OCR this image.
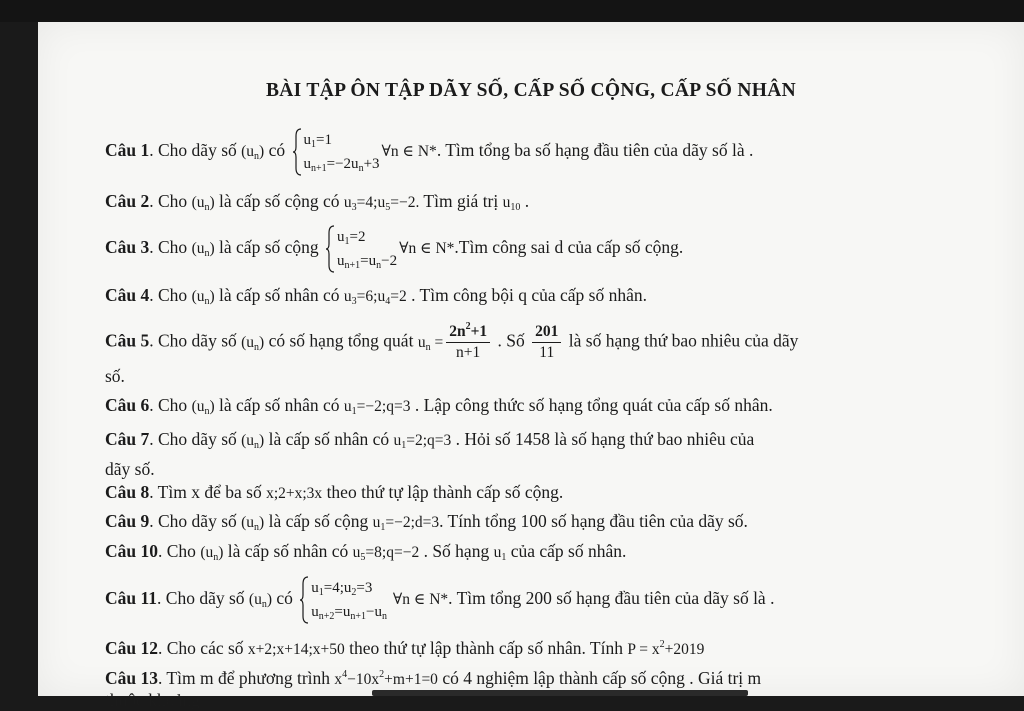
BÀI TẬP ÔN TẬP DÃY SỐ, CẤP SỐ CỘNG, CẤP SỐ NHÂN
Câu 1. Cho dãy số $(u_n)$ có
$u_1=1$
$u_{n+1}=-2u_n+3$
∀n ∈ N*. Tìm tổng ba số hạng đầu tiên của dãy số là .
Câu 2. Cho $(u_n)$ là cấp số cộng có $u_3=4;u_5=-2$. Tìm giá trị $u_{10}$ .
Câu 3. Cho $(u_n)$ là cấp số cộng
$u_1=2$
$u_{n+1}=u_n-2$
∀n ∈ N*.Tìm công sai d của cấp số cộng.
Câu 4. Cho $(u_n)$ là cấp số nhân có $u_3=6;u_4=2$ . Tìm công bội q của cấp số nhân.
Câu 5. Cho dãy số $(u_n)$ có số hạng tổng quát $u_n = \frac{2n^2+1}{n+1}$ . Số $\frac{201}{11}$ là số hạng thứ bao nhiêu của dãy
số.
Câu 6. Cho $(u_n)$ là cấp số nhân có $u_1=-2;q=3$ . Lập công thức số hạng tổng quát của cấp số nhân.
Câu 7. Cho dãy số $(u_n)$ là cấp số nhân có $u_1=2;q=3$ . Hỏi số 1458 là số hạng thứ bao nhiêu của
dãy số.
Câu 8. Tìm x để ba số x;2+x;3x theo thứ tự lập thành cấp số cộng.
Câu 9. Cho dãy số $(u_n)$ là cấp số cộng $u_1=-2;d=3$. Tính tổng 100 số hạng đầu tiên của dãy số.
Câu 10. Cho $(u_n)$ là cấp số nhân có $u_5=8;q=-2$ . Số hạng $u_1$ của cấp số nhân.
Câu 11. Cho dãy số $(u_n)$ có
$u_1=4;u_2=3$
$u_{n+2}=u_{n+1}-u_n$
∀n ∈ N*. Tìm tổng 200 số hạng đầu tiên của dãy số là .
Câu 12. Cho các số x+2;x+14;x+50 theo thứ tự lập thành cấp số nhân. Tính $P = x^2+2019$
Câu 13. Tìm m để phương trình $x^4-10x^2+m+1=0$ có 4 nghiệm lập thành cấp số cộng . Giá trị m
thuộc khoảng.
